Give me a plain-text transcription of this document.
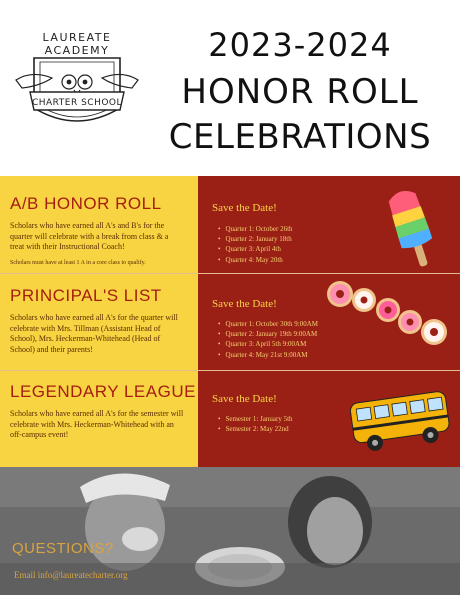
LAUREATE
ACADEMY
CHARTER SCHOOL
2023-2024
HONOR ROLL
CELEBRATIONS
A/B HONOR ROLL
Scholars who have earned all A's and B's for the quarter will celebrate with a break from class & a treat with their Instructional Coach!
Scholars must have at least 1 A in a core class to qualify.
Save the Date!
• Quarter 1: October 26th
• Quarter 2: January 18th
• Quarter 3: April 4th
• Quarter 4: May 20th
PRINCIPAL'S LIST
Scholars who have earned all A's for the quarter will celebrate with Mrs. Tillman (Assistant Head of School), Mrs. Heckerman-Whitehead (Head of School) and their parents!
Save the Date!
• Quarter 1: October 30th 9:00AM
• Quarter 2: January 19th 9:00AM
• Quarter 3: April 5th 9:00AM
• Quarter 4: May 21st 9:00AM
LEGENDARY LEAGUE
Scholars who have earned all A's for the semester will celebrate with Mrs. Heckerman-Whitehead with an off-campus event!
Save the Date!
• Semester 1: January 5th
• Semester 2: May 22nd
QUESTIONS?
Email info@laureatecharter.org
